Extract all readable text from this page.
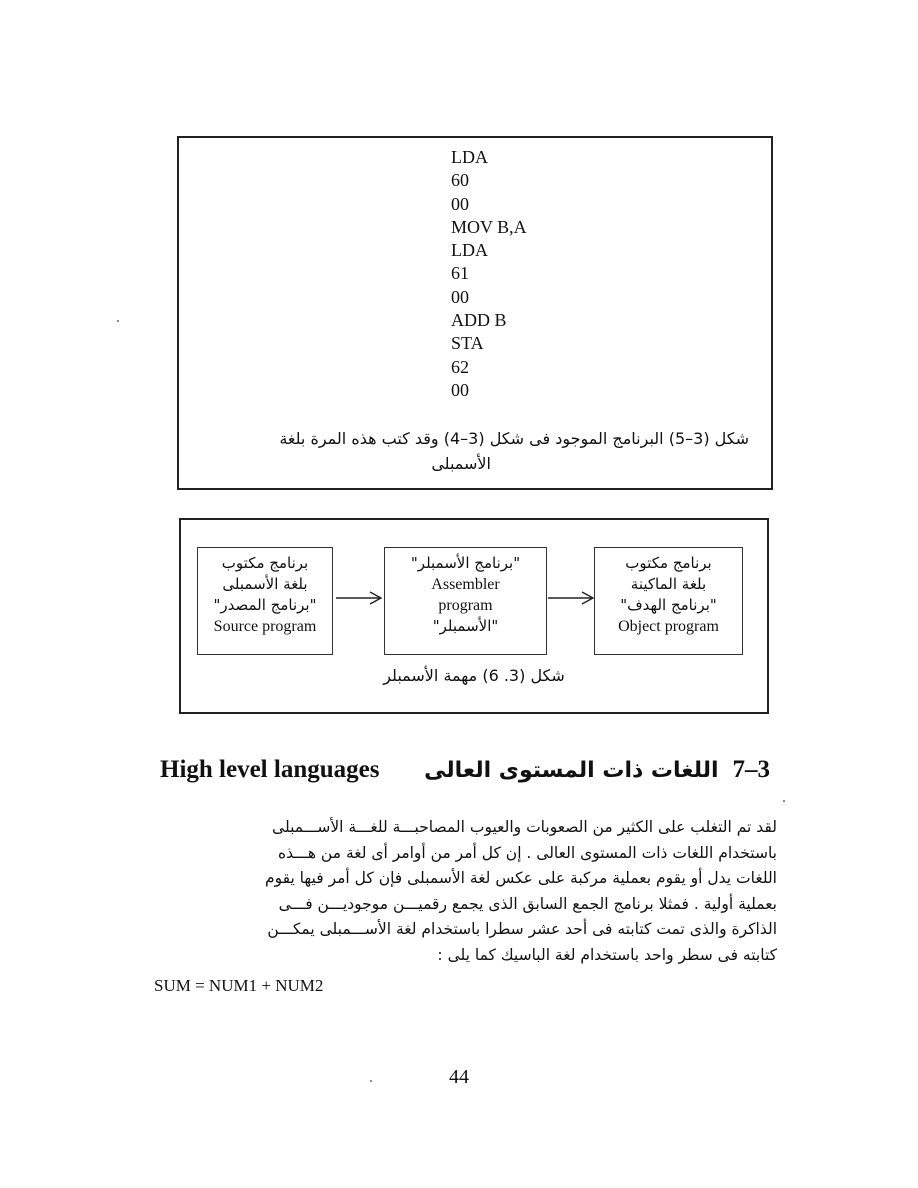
LDA
60
00
MOV B,A
LDA
61
00
ADD B
STA
62
00
شكل (3–5) البرنامج الموجود فى شكل (3–4) وقد كتب هذه المرة بلغة
الأسمبلى
برنامج مكتوب
بلغة الأسمبلى
"برنامج المصدر"
Source program
"برنامج الأسمبلر"
Assembler
program
"الأسمبلر"
برنامج مكتوب
بلغة الماكينة
"برنامج الهدف"
Object program
شكل (3. 6) مهمة الأسمبلر
High level languages اللغات ذات المستوى العالى 7–3
لقد تم التغلب على الكثير من الصعوبات والعيوب المصاحبـــة للغـــة الأســـمبلى
باستخدام اللغات ذات المستوى العالى . إن كل أمر من أوامر أى لغة من هـــذه
اللغات يدل أو يقوم بعملية مركبة على عكس لغة الأسمبلى فإن كل أمر فيها يقوم
بعملية أولية . فمثلا برنامج الجمع السابق الذى يجمع رقميـــن موجوديـــن فـــى
الذاكرة والذى تمت كتابته فى أحد عشر سطرا باستخدام لغة الأســـمبلى يمكـــن
كتابته فى سطر واحد باستخدام لغة الباسيك كما يلى :
SUM = NUM1 + NUM2
44
